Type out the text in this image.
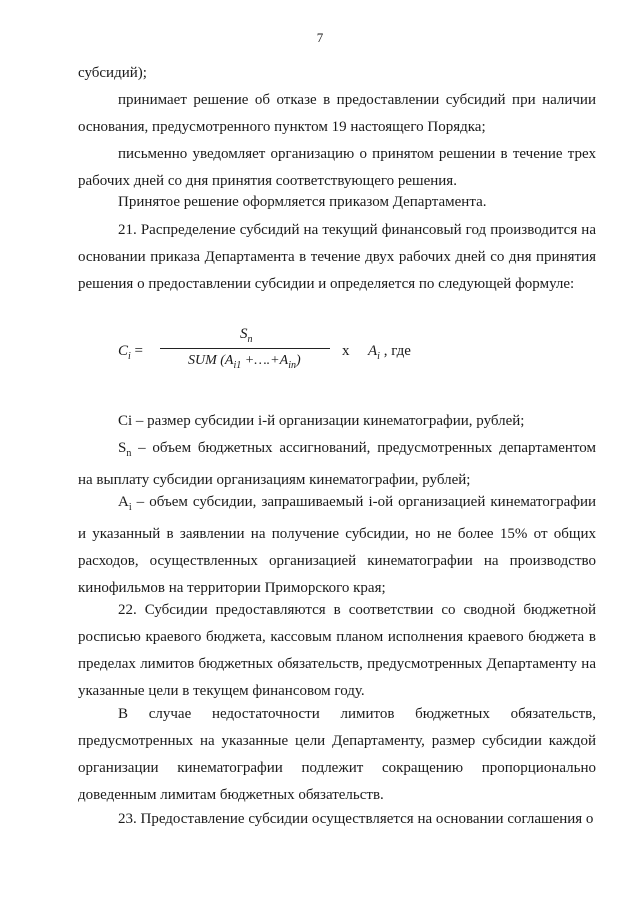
7

субсидий);

принимает решение об отказе в предоставлении субсидий при наличии основания, предусмотренного пунктом 19 настоящего Порядка;

письменно уведомляет организацию о принятом решении в течение трех рабочих дней со дня принятия соответствующего решения.

Принятое решение оформляется приказом Департамента.

21. Распределение субсидий на текущий финансовый год производится на основании приказа Департамента в течение двух рабочих дней со дня принятия решения о предоставлении субсидии и определяется по следующей формуле:

$C_i$ =
$S_n$
SUM ($A_{i1}$ $+\dots.+A_{in}$)
x $A_i$ , где

Ci – размер субсидии i-й организации кинематографии, рублей;

$S_n$ – объем бюджетных ассигнований, предусмотренных департаментом на выплату субсидии организациям кинематографии, рублей;

$A_i$ – объем субсидии, запрашиваемый i-ой организацией кинематографии и указанный в заявлении на получение субсидии, но не более 15% от общих расходов, осуществленных организацией кинематографии на производство кинофильмов на территории Приморского края;

22. Субсидии предоставляются в соответствии со сводной бюджетной росписью краевого бюджета, кассовым планом исполнения краевого бюджета в пределах лимитов бюджетных обязательств, предусмотренных Департаменту на указанные цели в текущем финансовом году.

В случае недостаточности лимитов бюджетных обязательств, предусмотренных на указанные цели Департаменту, размер субсидии каждой организации кинематографии подлежит сокращению пропорционально доведенным лимитам бюджетных обязательств.

23. Предоставление субсидии осуществляется на основании соглашения о
